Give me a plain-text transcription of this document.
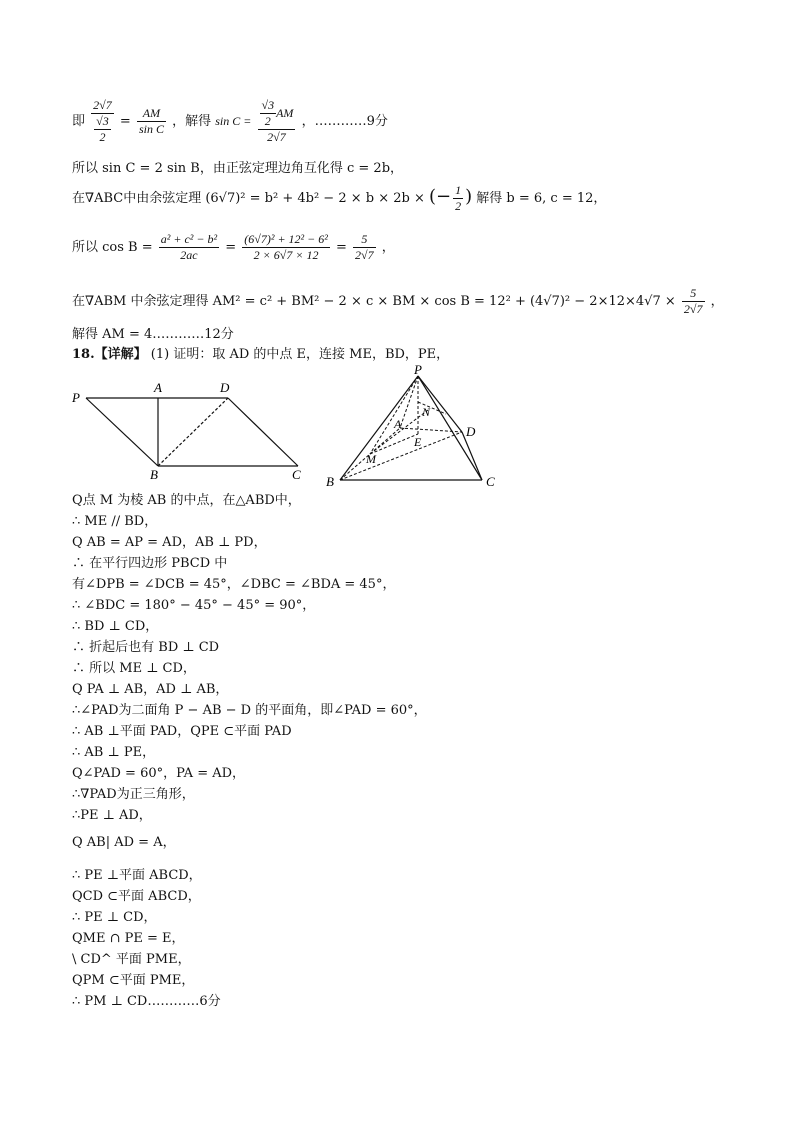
即 $\frac{2√7}{\frac{√3}{2}} = \frac{AM}{\text{sin C}}$ ，解得 $\sin C = \frac{\frac{√3}{2} AM}{2√7}$ ，…………9分
所以 sin C = 2 sin B，由正弦定理边角互化得 c = 2b，
在∇ABC中由余弦定理 (6√7)² = b² + 4b² − 2 × b × 2b × (− $\frac{1}{2}$ ) 解得 b = 6, c = 12，
所以 $\cos B = \frac{\text{a² + c² − b²}}{2ac} = \frac{\text{(6√7)² + 12² − 6²}}{2 \times 6√7 \times 12} = \frac{5}{2√7}$ ，
在∇ABM 中余弦定理得 AM² = c² + BM² − 2 × c × BM × $\cos B = 12^2 + (4√7)^2 - 2\times 12\times 4√7 \times \frac{5}{2√7}$ ，
解得 AM = 4…………12分
18.【详解】 (1) 证明：取 AD 的中点 E，连接 ME，BD，PE，
P
A	D
B	C
P
N
A
E
D
M
B	C
Q点 M 为棱 AB 的中点，在△ABD中，
∴ ME // BD，
Q AB = AP = AD，AB ⊥ PD，
∴ 在平行四边形 PBCD 中
有∠DPB = ∠DCB = 45°，∠DBC = ∠BDA = 45°，
∴ ∠BDC = 180° − 45° − 45° = 90°，
∴ BD ⊥ CD，
∴ 折起后也有 BD ⊥ CD
∴ 所以 ME ⊥ CD，
Q PA ⊥ AB，AD ⊥ AB，
∴∠PAD为二面角 P − AB − D 的平面角，即∠PAD = 60°，
∴ AB ⊥平面 PAD，QPE ⊂平面 PAD
∴ AB ⊥ PE，
Q∠PAD = 60°，PA = AD，
∴∇PAD为正三角形，
∴PE ⊥ AD，
Q AB| AD = A，
∴ PE ⊥平面 ABCD，
QCD ⊂平面 ABCD，
∴ PE ⊥ CD，
QME ∩ PE = E，
\ CD^ 平面 PME，
QPM ⊂平面 PME，
∴ PM ⊥ CD…………6分
